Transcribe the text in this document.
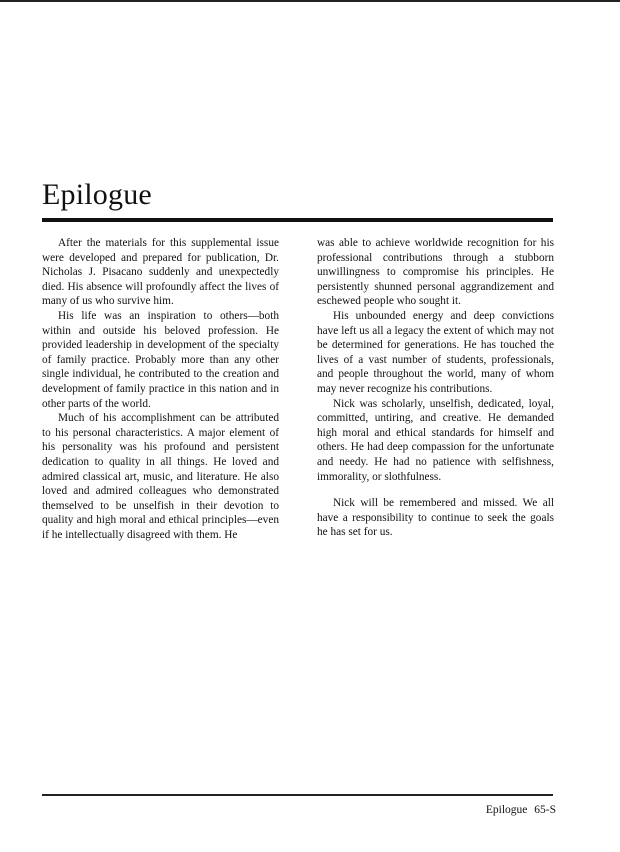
Epilogue

After the materials for this supplemental issue were developed and prepared for publication, Dr. Nicholas J. Pisacano suddenly and unexpectedly died. His absence will profoundly affect the lives of many of us who survive him.

His life was an inspiration to others—both within and outside his beloved profession. He provided leadership in development of the specialty of family practice. Probably more than any other single individual, he contributed to the creation and development of family practice in this nation and in other parts of the world.

Much of his accomplishment can be attributed to his personal characteristics. A major element of his personality was his profound and persistent dedication to quality in all things. He loved and admired classical art, music, and literature. He also loved and admired colleagues who demonstrated themselved to be unselfish in their devotion to quality and high moral and ethical principles—even if he intellectually disagreed with them. He

was able to achieve worldwide recognition for his professional contributions through a stubborn unwillingness to compromise his principles. He persistently shunned personal aggrandizement and eschewed people who sought it.

His unbounded energy and deep convictions have left us all a legacy the extent of which may not be determined for generations. He has touched the lives of a vast number of students, professionals, and people throughout the world, many of whom may never recognize his contributions.

Nick was scholarly, unselfish, dedicated, loyal, committed, untiring, and creative. He demanded high moral and ethical standards for himself and others. He had deep compassion for the unfortunate and needy. He had no patience with selfishness, immorality, or slothfulness.

Nick will be remembered and missed. We all have a responsibility to continue to seek the goals he has set for us.

Epilogue 65-S
